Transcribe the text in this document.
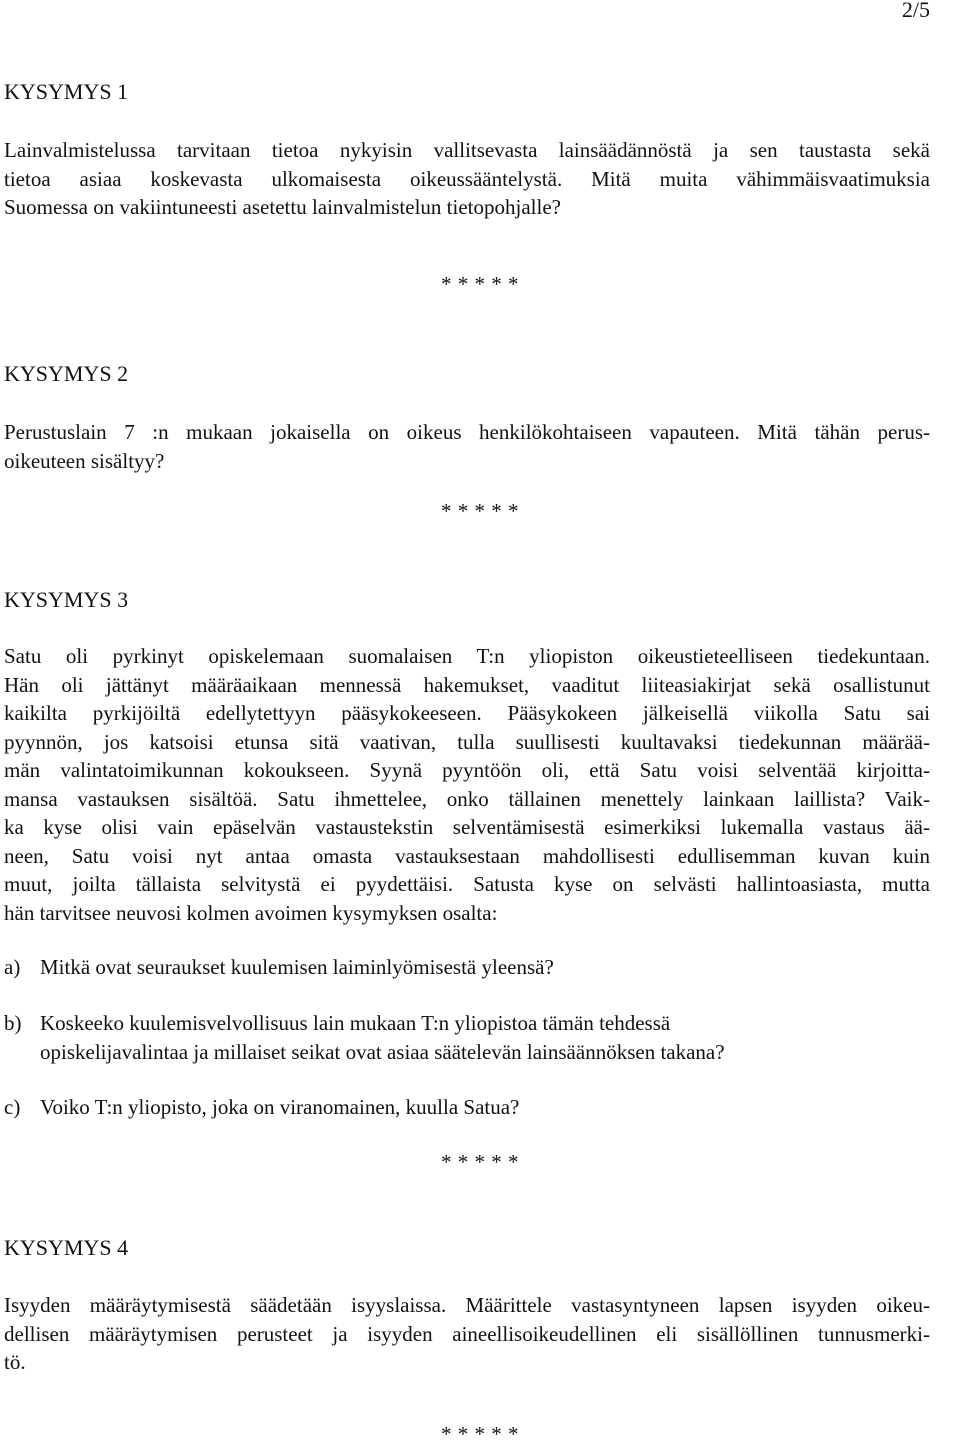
2/5
KYSYMYS 1

Lainvalmistelussa tarvitaan tietoa nykyisin vallitsevasta lainsäädännöstä ja sen taustasta sekä
tietoa asiaa koskevasta ulkomaisesta oikeussääntelystä. Mitä muita vähimmäisvaatimuksia
Suomessa on vakiintuneesti asetettu lainvalmistelun tietopohjalle?

* * * * *
KYSYMYS 2

Perustuslain 7 :n mukaan jokaisella on oikeus henkilökohtaiseen vapauteen. Mitä tähän perus-
oikeuteen sisältyy?

* * * * *
KYSYMYS 3

Satu oli pyrkinyt opiskelemaan suomalaisen T:n yliopiston oikeustieteelliseen tiedekuntaan.
Hän oli jättänyt määräaikaan mennessä hakemukset, vaaditut liiteasiakirjat sekä osallistunut
kaikilta pyrkijöiltä edellytettyyn pääsykokeeseen. Pääsykokeen jälkeisellä viikolla Satu sai
pyynnön, jos katsoisi etunsa sitä vaativan, tulla suullisesti kuultavaksi tiedekunnan määrää-
män valintatoimikunnan kokoukseen. Syynä pyyntöön oli, että Satu voisi selventää kirjoitta-
mansa vastauksen sisältöä. Satu ihmettelee, onko tällainen menettely lainkaan laillista? Vaik-
ka kyse olisi vain epäselvän vastaustekstin selventämisestä esimerkiksi lukemalla vastaus ää-
neen, Satu voisi nyt antaa omasta vastauksestaan mahdollisesti edullisemman kuvan kuin
muut, joilta tällaista selvitystä ei pyydettäisi. Satusta kyse on selvästi hallintoasiasta, mutta
hän tarvitsee neuvosi kolmen avoimen kysymyksen osalta:

a) Mitkä ovat seuraukset kuulemisen laiminlyömisestä yleensä?
b) Koskeeko kuulemisvelvollisuus lain mukaan T:n yliopistoa tämän tehdessä
opiskelijavalintaa ja millaiset seikat ovat asiaa säätelevän lainsäännöksen takana?
c) Voiko T:n yliopisto, joka on viranomainen, kuulla Satua?
* * * * *
KYSYMYS 4

Isyyden määräytymisestä säädetään isyyslaissa. Määrittele vastasyntyneen lapsen isyyden oikeu-
dellisen määräytymisen perusteet ja isyyden aineellisoikeudellinen eli sisällöllinen tunnusmerki-
tö.

* * * * *
